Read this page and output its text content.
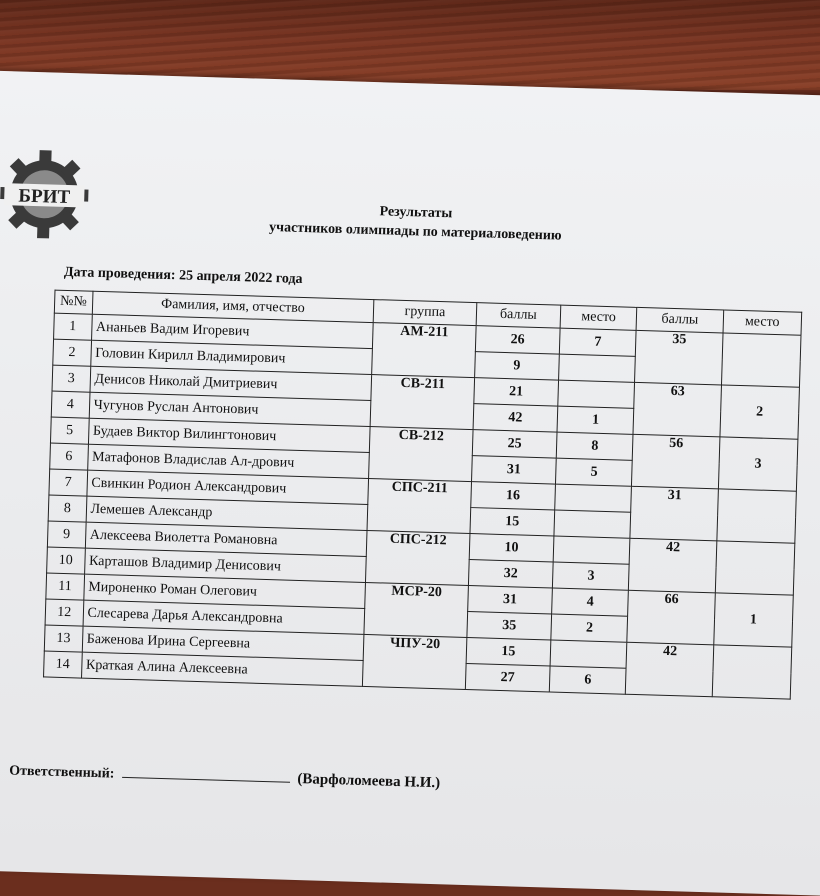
БРИТ
Результаты
участников олимпиады по материаловедению
Дата проведения: 25 апреля 2022 года
№№	Фамилия, имя, отчество	группа	баллы	место	баллы	место
1	Ананьев Вадим Игоревич	АМ-211	26	7	35	
2	Головин Кирилл Владимирович		9			
3	Денисов Николай Дмитриевич	СВ-211	21		63	2
4	Чугунов Руслан Антонович		42	1		
5	Будаев Виктор Вилингтонович	СВ-212	25	8	56	3
6	Матафонов Владислав Ал-дрович		31	5		
7	Свинкин Родион Александрович	СПС-211	16		31	
8	Лемешев Александр		15			
9	Алексеева Виолетта Романовна	СПС-212	10		42	
10	Карташов Владимир Денисович		32	3		
11	Мироненко Роман Олегович	МСР-20	31	4	66	1
12	Слесарева Дарья Александровна		35	2		
13	Баженова Ирина Сергеевна	ЧПУ-20	15		42	
14	Краткая Алина Алексеевна		27	6		
Ответственный:	(Варфоломеева Н.И.)
